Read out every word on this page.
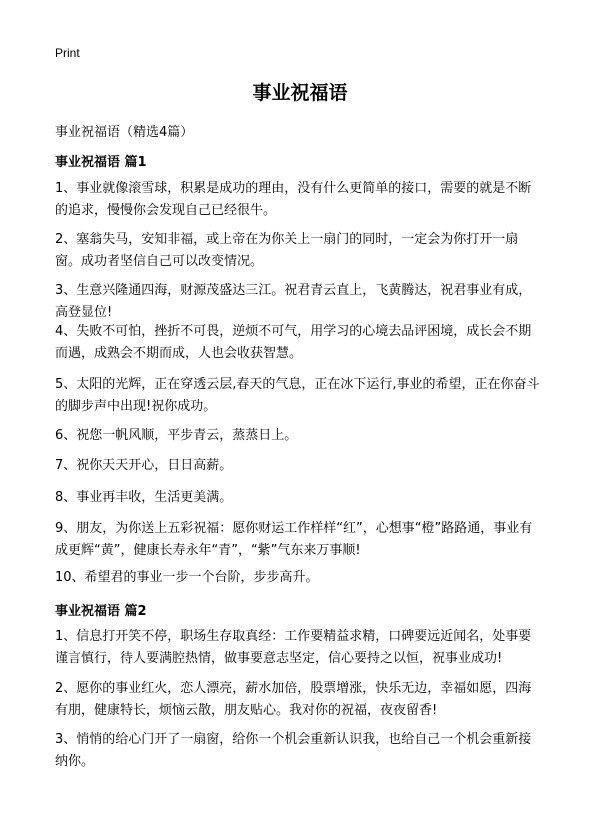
Print
事业祝福语
事业祝福语（精选4篇）
事业祝福语 篇1

1、事业就像滚雪球，积累是成功的理由，没有什么更简单的接口，需要的就是不断的追求，慢慢你会发现自己已经很牛。

2、塞翁失马，安知非福，或上帝在为你关上一扇门的同时，一定会为你打开一扇窗。成功者坚信自己可以改变情况。

3、生意兴隆通四海，财源茂盛达三江。祝君青云直上，飞黄腾达，祝君事业有成，高登显位!

4、失败不可怕，挫折不可畏，逆烦不可气，用学习的心境去品评困境，成长会不期而遇，成熟会不期而成，人也会收获智慧。

5、太阳的光辉，正在穿透云层,春天的气息，正在冰下运行,事业的希望，正在你奋斗的脚步声中出现!祝你成功。

6、祝您一帆风顺，平步青云，蒸蒸日上。

7、祝你天天开心，日日高薪。

8、事业再丰收，生活更美满。

9、朋友，为你送上五彩祝福：愿你财运工作样样“红”，心想事“橙”路路通，事业有成更辉“黄”，健康长寿永年“青”，“紫”气东来万事顺!

10、希望君的事业一步一个台阶，步步高升。

事业祝福语 篇2

1、信息打开笑不停，职场生存取真经：工作要精益求精，口碑要远近闻名，处事要谨言慎行，待人要满腔热情，做事要意志坚定，信心要持之以恒，祝事业成功!

2、愿你的事业红火，恋人漂亮，薪水加倍，股票增涨，快乐无边，幸福如愿，四海有朋，健康特长，烦恼云散，朋友贴心。我对你的祝福，夜夜留香!

3、悄悄的给心门开了一扇窗，给你一个机会重新认识我，也给自己一个机会重新接纳你。
